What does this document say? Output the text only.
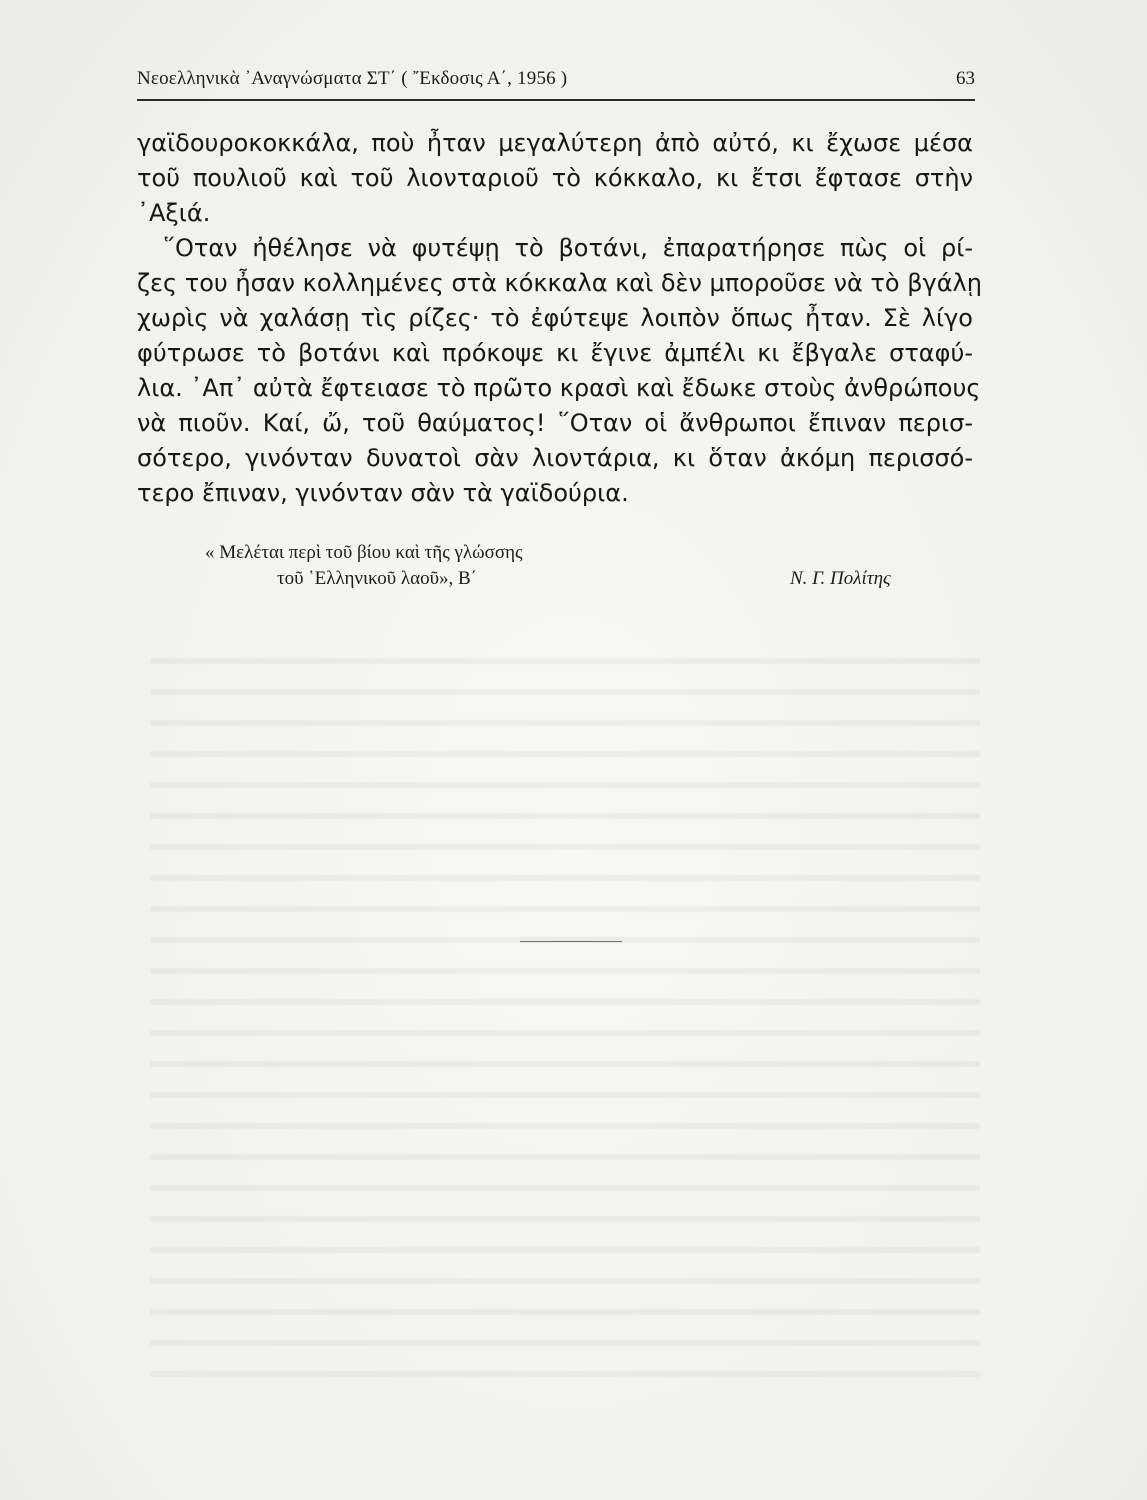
Νεοελληνικὰ ᾿Αναγνώσματα ΣΤ΄ ( ῎Εκδοσις Α΄, 1956 )	63
γαϊδουροκοκκάλα, ποὺ ἦταν μεγαλύτερη ἀπὸ αὐτό, κι ἔχωσε μέσα
τοῦ πουλιοῦ καὶ τοῦ λιονταριοῦ τὸ κόκκαλο, κι ἔτσι ἔφτασε στὴν
᾿Αξιά.
῞Οταν ἠθέλησε νὰ φυτέψῃ τὸ βοτάνι, ἐπαρατήρησε πὼς οἱ ρί-
ζες του ἦσαν κολλημένες στὰ κόκκαλα καὶ δὲν μποροῦσε νὰ τὸ βγάλῃ
χωρὶς νὰ χαλάσῃ τὶς ρίζες· τὸ ἐφύτεψε λοιπὸν ὅπως ἦταν. Σὲ λίγο
φύτρωσε τὸ βοτάνι καὶ πρόκοψε κι ἔγινε ἀμπέλι κι ἔβγαλε σταφύ-
λια. ᾿Απ᾿ αὐτὰ ἔφτειασε τὸ πρῶτο κρασὶ καὶ ἔδωκε στοὺς ἀνθρώπους
νὰ πιοῦν. Καί, ὤ, τοῦ θαύματος! ῞Οταν οἱ ἄνθρωποι ἔπιναν περισ-
σότερο, γινόνταν δυνατοὶ σὰν λιοντάρια, κι ὅταν ἀκόμη περισσό-
τερο ἔπιναν, γινόνταν σὰν τὰ γαϊδούρια.
« Μελέται περὶ τοῦ βίου καὶ τῆς γλώσσης
τοῦ ῾Ελληνικοῦ λαοῦ», Β΄	Ν. Γ. Πολίτης
